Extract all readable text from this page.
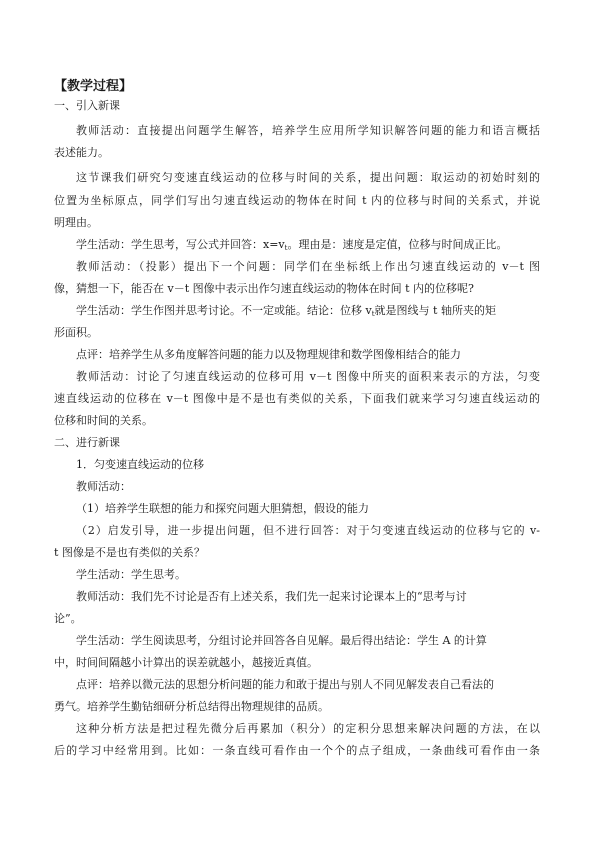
【教学过程】
一、引入新课
教师活动：直接提出问题学生解答，培养学生应用所学知识解答问题的能力和语言概括
表述能力。
这节课我们研究匀变速直线运动的位移与时间的关系，提出问题：取运动的初始时刻的
位置为坐标原点，同学们写出匀速直线运动的物体在时间 t 内的位移与时间的关系式，并说
明理由。
学生活动：学生思考，写公式并回答：$x=v_t$。理由是：速度是定值，位移与时间成正比。
教师活动：（投影）提出下一个问题：同学们在坐标纸上作出匀速直线运动的 v－t 图
像，猜想一下，能否在 v－t 图像中表示出作匀速直线运动的物体在时间 t 内的位移呢?
学生活动：学生作图并思考讨论。不一定或能。结论：位移 $v_t$就是图线与 t 轴所夹的矩
形面积。
点评：培养学生从多角度解答问题的能力以及物理规律和数学图像相结合的能力
教师活动：讨论了匀速直线运动的位移可用 v－t 图像中所夹的面积来表示的方法，匀变
速直线运动的位移在 v－t 图像中是不是也有类似的关系，下面我们就来学习匀速直线运动的
位移和时间的关系。
二、进行新课
1．匀变速直线运动的位移
教师活动：
（1）培养学生联想的能力和探究问题大胆猜想，假设的能力
（2）启发引导，进一步提出问题，但不进行回答：对于匀变速直线运动的位移与它的 v-
t 图像是不是也有类似的关系？
学生活动：学生思考。
教师活动：我们先不讨论是否有上述关系，我们先一起来讨论课本上的“思考与讨
论”。
学生活动：学生阅读思考，分组讨论并回答各自见解。最后得出结论：学生 A 的计算
中，时间间隔越小计算出的误差就越小，越接近真值。
点评：培养以微元法的思想分析问题的能力和敢于提出与别人不同见解发表自己看法的
勇气。培养学生勤钻细研分析总结得出物理规律的品质。
这种分析方法是把过程先微分后再累加（积分）的定积分思想来解决问题的方法，在以
后的学习中经常用到。比如：一条直线可看作由一个个的点子组成，一条曲线可看作由一条
